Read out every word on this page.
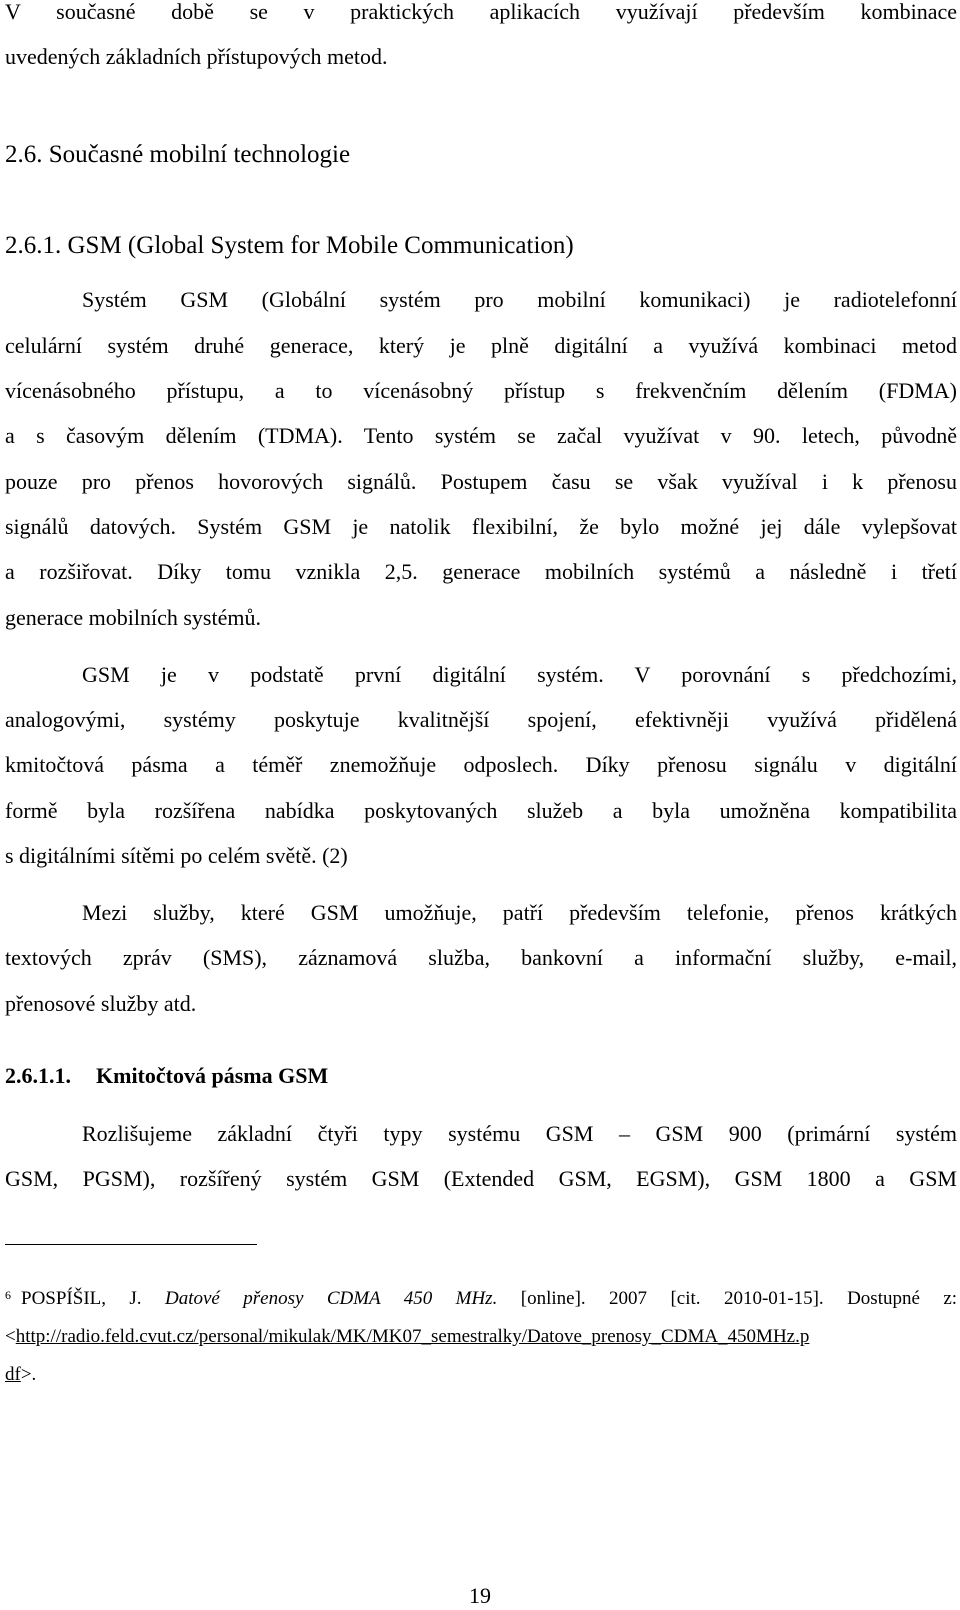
V současné době se v praktických aplikacích využívají především kombinace
uvedených základních přístupových metod.
2.6. Současné mobilní technologie
2.6.1. GSM (Global System for Mobile Communication)
Systém GSM (Globální systém pro mobilní komunikaci) je radiotelefonní
celulární systém druhé generace, který je plně digitální a využívá kombinaci metod
vícenásobného přístupu, a to vícenásobný přístup s frekvenčním dělením (FDMA)
a s časovým dělením (TDMA). Tento systém se začal využívat v 90. letech, původně
pouze pro přenos hovorových signálů. Postupem času se však využíval i k přenosu
signálů datových. Systém GSM je natolik flexibilní, že bylo možné jej dále vylepšovat
a rozšiřovat. Díky tomu vznikla 2,5. generace mobilních systémů a následně i třetí
generace mobilních systémů.
GSM je v podstatě první digitální systém. V porovnání s předchozími,
analogovými, systémy poskytuje kvalitnější spojení, efektivněji využívá přidělená
kmitočtová pásma a téměř znemožňuje odposlech. Díky přenosu signálu v digitální
formě byla rozšířena nabídka poskytovaných služeb a byla umožněna kompatibilita
s digitálními sítěmi po celém světě. (2)
Mezi služby, které GSM umožňuje, patří především telefonie, přenos krátkých
textových zpráv (SMS), záznamová služba, bankovní a informační služby, e-mail,
přenosové služby atd.
2.6.1.1. Kmitočtová pásma GSM
Rozlišujeme základní čtyři typy systému GSM – GSM 900 (primární systém
GSM, PGSM), rozšířený systém GSM (Extended GSM, EGSM), GSM 1800 a GSM
$^6$ POSPÍŠIL, J. Datové přenosy CDMA 450 MHz. [online]. 2007 [cit. 2010-01-15]. Dostupné z:
<http://radio.feld.cvut.cz/personal/mikulak/MK/MK07_semestralky/Datove_prenosy_CDMA_450MHz.p
df>.
19
